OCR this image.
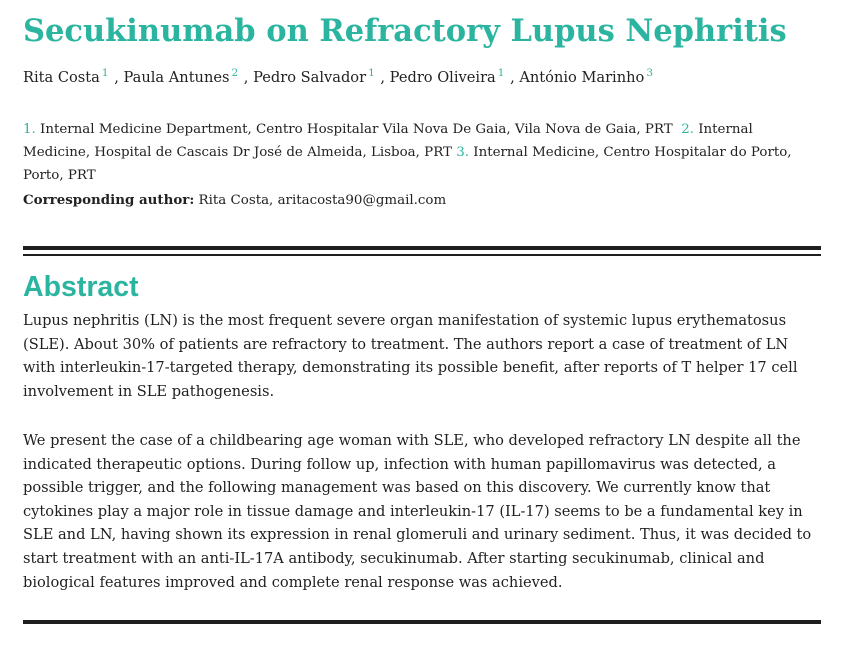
Secukinumab on Refractory Lupus Nephritis
Rita Costa $^1$ , Paula Antunes $^2$ , Pedro Salvador $^1$ , Pedro Oliveira $^1$ , António Marinho $^3$
1. Internal Medicine Department, Centro Hospitalar Vila Nova De Gaia, Vila Nova de Gaia, PRT 2. Internal Medicine, Hospital de Cascais Dr José de Almeida, Lisboa, PRT 3. Internal Medicine, Centro Hospitalar do Porto, Porto, PRT
Corresponding author: Rita Costa, aritacosta90@gmail.com
Abstract

Lupus nephritis (LN) is the most frequent severe organ manifestation of systemic lupus erythematosus (SLE). About 30% of patients are refractory to treatment. The authors report a case of treatment of LN with interleukin-17-targeted therapy, demonstrating its possible benefit, after reports of T helper 17 cell involvement in SLE pathogenesis.

We present the case of a childbearing age woman with SLE, who developed refractory LN despite all the indicated therapeutic options. During follow up, infection with human papillomavirus was detected, a possible trigger, and the following management was based on this discovery. We currently know that cytokines play a major role in tissue damage and interleukin-17 (IL-17) seems to be a fundamental key in SLE and LN, having shown its expression in renal glomeruli and urinary sediment. Thus, it was decided to start treatment with an anti-IL-17A antibody, secukinumab. After starting secukinumab, clinical and biological features improved and complete renal response was achieved.
